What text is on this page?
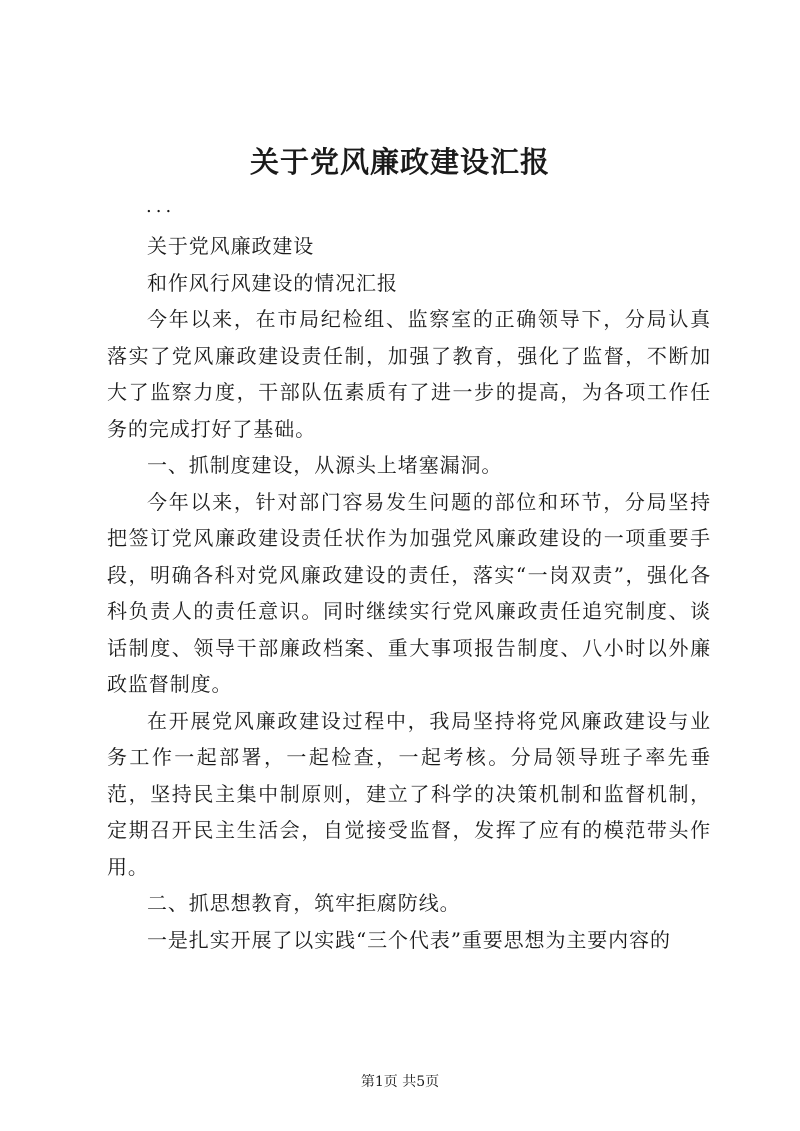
关于党风廉政建设汇报

...

关于党风廉政建设

和作风行风建设的情况汇报

今年以来，在市局纪检组、监察室的正确领导下，分局认真落实了党风廉政建设责任制，加强了教育，强化了监督，不断加大了监察力度，干部队伍素质有了进一步的提高，为各项工作任务的完成打好了基础。

一、抓制度建设，从源头上堵塞漏洞。

今年以来，针对部门容易发生问题的部位和环节，分局坚持把签订党风廉政建设责任状作为加强党风廉政建设的一项重要手段，明确各科对党风廉政建设的责任，落实“一岗双责”，强化各科负责人的责任意识。同时继续实行党风廉政责任追究制度、谈话制度、领导干部廉政档案、重大事项报告制度、八小时以外廉政监督制度。

在开展党风廉政建设过程中，我局坚持将党风廉政建设与业务工作一起部署，一起检查，一起考核。分局领导班子率先垂范，坚持民主集中制原则，建立了科学的决策机制和监督机制，定期召开民主生活会，自觉接受监督，发挥了应有的模范带头作用。

二、抓思想教育，筑牢拒腐防线。

一是扎实开展了以实践“三个代表”重要思想为主要内容的

第1页 共5页
